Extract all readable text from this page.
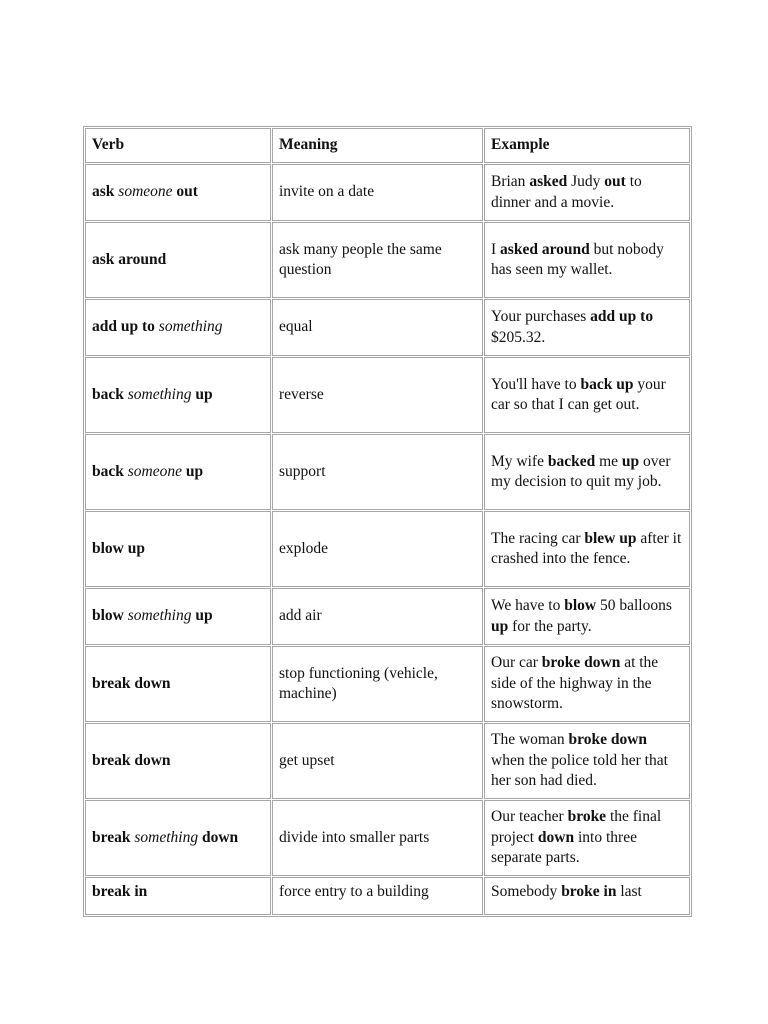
Verb	Meaning	Example
ask someone out	invite on a date	Brian asked Judy out to dinner and a movie.
ask around	ask many people the same question	I asked around but nobody has seen my wallet.
add up to something	equal	Your purchases add up to $205.32.
back something up	reverse	You'll have to back up your car so that I can get out.
back someone up	support	My wife backed me up over my decision to quit my job.
blow up	explode	The racing car blew up after it crashed into the fence.
blow something up	add air	We have to blow 50 balloons up for the party.
break down	stop functioning (vehicle, machine)	Our car broke down at the side of the highway in the snowstorm.
break down	get upset	The woman broke down when the police told her that her son had died.
break something down	divide into smaller parts	Our teacher broke the final project down into three separate parts.
break in	force entry to a building	Somebody broke in last
